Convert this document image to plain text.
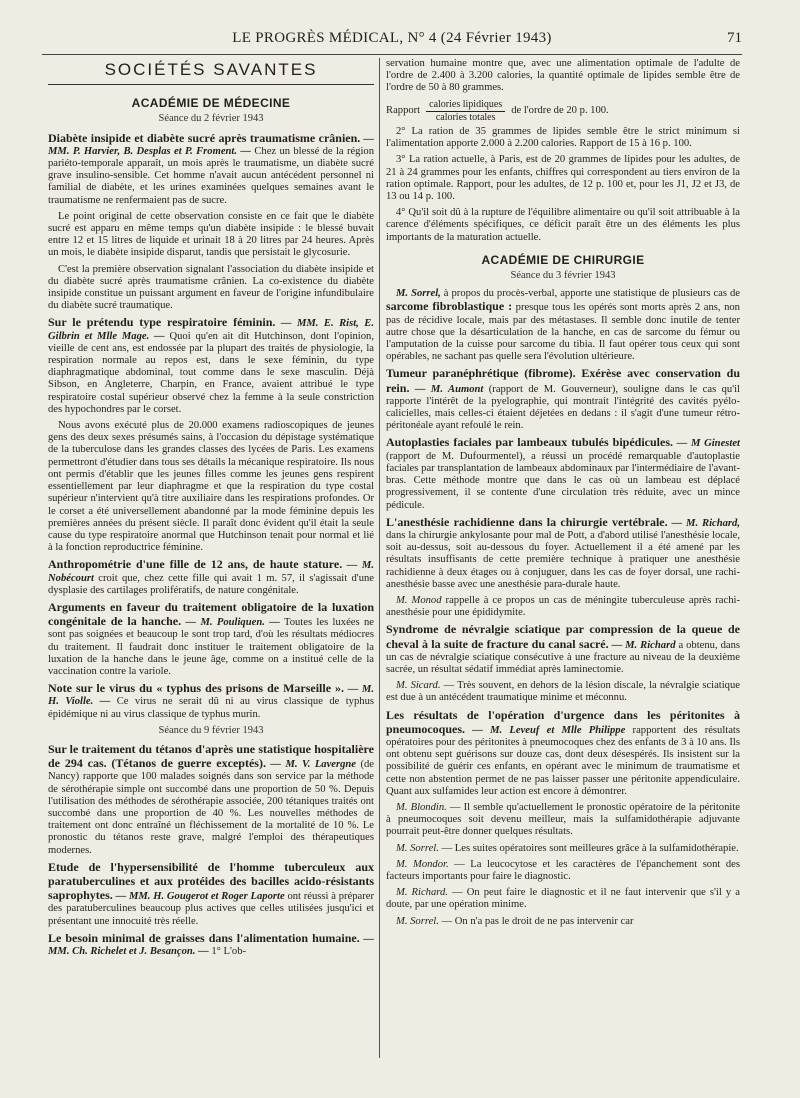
LE PROGRÈS MÉDICAL, N° 4 (24 Février 1943)	71
SOCIÉTÉS SAVANTES
ACADÉMIE DE MÉDECINE
Séance du 2 février 1943

Diabète insipide et diabète sucré après traumatisme crânien. — MM. P. Harvier, B. Desplas et P. Froment. — Chez un blessé de la région pariéto-temporale apparaît, un mois après le traumatisme, un diabète sucré grave insulino-sensible. Cet homme n'avait aucun antécédent personnel ni familial de diabète, et les urines examinées quelques semaines avant le traumatisme ne renfermaient pas de sucre.

Le point original de cette observation consiste en ce fait que le diabète sucré est apparu en même temps qu'un diabète insipide : le blessé buvait entre 12 et 15 litres de liquide et urinait 18 à 20 litres par 24 heures. Après un mois, le diabète insipide disparut, tandis que persistait le glycosurie.

C'est la première observation signalant l'association du diabète insipide et du diabète sucré après traumatisme crânien. La co-existence du diabète insipide constitue un puissant argument en faveur de l'origine infundibulaire du diabète sucré traumatique.

Sur le prétendu type respiratoire féminin. — MM. E. Rist, E. Gilbrin et Mlle Mage. — Quoi qu'en ait dit Hutchinson, dont l'opinion, vieille de cent ans, est endossée par la plupart des traités de physiologie, la respiration normale au repos est, dans le sexe féminin, du type diaphragmatique abdominal, tout comme dans le sexe masculin. Déjà Sibson, en Angleterre, Charpin, en France, avaient attribué le type respiratoire costal supérieur observé chez la femme à la seule constriction des hypochondres par le corset.

Nous avons exécuté plus de 20.000 examens radioscopiques de jeunes gens des deux sexes présumés sains, à l'occasion du dépistage systématique de la tuberculose dans les grandes classes des lycées de Paris. Les examens permettront d'étudier dans tous ses détails la mécanique respiratoire. Ils nous ont permis d'établir que les jeunes filles comme les jeunes gens respirent essentiellement par leur diaphragme et que la respiration du type costal supérieur n'intervient qu'à titre auxiliaire dans les respirations profondes. Or le corset a été universellement abandonné par la mode féminine depuis les premières années du présent siècle. Il paraît donc évident qu'il était la seule cause du type respiratoire anormal que Hutchinson tenait pour normal et lié à la fonction reproductrice féminine.

Anthropométrie d'une fille de 12 ans, de haute stature. — M. Nobécourt croit que, chez cette fille qui avait 1 m. 57, il s'agissait d'une dysplasie des cartilages prolifératifs, de nature congénitale.

Arguments en faveur du traitement obligatoire de la luxation congénitale de la hanche. — M. Pouliquen. — Toutes les luxées ne sont pas soignées et beaucoup le sont trop tard, d'où les résultats médiocres du traitement. Il faudrait donc instituer le traitement obligatoire de la luxation de la hanche dans le jeune âge, comme on a institué celle de la vaccination contre la variole.

Note sur le virus du « typhus des prisons de Marseille ». — M. H. Violle. — Ce virus ne serait dû ni au virus classique de typhus épidémique ni au virus classique de typhus murin.

Séance du 9 février 1943

Sur le traitement du tétanos d'après une statistique hospitalière de 294 cas. (Tétanos de guerre exceptés). — M. V. Lavergne (de Nancy) rapporte que 100 malades soignés dans son service par la méthode de sérothérapie simple ont succombé dans une proportion de 50 %. Depuis l'utilisation des méthodes de sérothérapie associée, 200 tétaniques traités ont succombé dans une proportion de 40 %. Les nouvelles méthodes de traitement ont donc entraîné un fléchissement de la mortalité de 10 %. Le pronostic du tétanos reste grave, malgré l'emploi des thérapeutiques modernes.

Etude de l'hypersensibilité de l'homme tuberculeux aux paratuberculines et aux protéides des bacilles acido-résistants saprophytes. — MM. H. Gougerot et Roger Laporte ont réussi à préparer des paratuberculines beaucoup plus actives que celles utilisées jusqu'ici et présentant une innocuité très réelle.

Le besoin minimal de graisses dans l'alimentation humaine. — MM. Ch. Richelet et J. Besançon. — 1° L'ob-

servation humaine montre que, avec une alimentation optimale de l'adulte de l'ordre de 2.400 à 3.200 calories, la quantité optimale de lipides semble être de l'ordre de 50 à 80 grammes.

Rapport $\frac{\text{calories lipidiques}}{\text{calories totales}}$ de l'ordre de 20 p. 100.

2° La ration de 35 grammes de lipides semble être le strict minimum si l'alimentation apporte 2.000 à 2.200 calories. Rapport de 15 à 16 p. 100.

3° La ration actuelle, à Paris, est de 20 grammes de lipides pour les adultes, de 21 à 24 grammes pour les enfants, chiffres qui correspondent au tiers environ de la ration optimale. Rapport, pour les adultes, de 12 p. 100 et, pour les J1, J2 et J3, de 13 ou 14 p. 100.

4° Qu'il soit dû à la rupture de l'équilibre alimentaire ou qu'il soit attribuable à la carence d'éléments spécifiques, ce déficit paraît être un des éléments les plus importants de la maturation actuelle.

ACADÉMIE DE CHIRURGIE
Séance du 3 février 1943

M. Sorrel, à propos du procès-verbal, apporte une statistique de plusieurs cas de sarcome fibroblastique : presque tous les opérés sont morts après 2 ans, non pas de récidive locale, mais par des métastases. Il semble donc inutile de tenter autre chose que la désarticulation de la hanche, en cas de sarcome du fémur ou l'amputation de la cuisse pour sarcome du tibia. Il faut opérer tous ceux qui sont opérables, ne sachant pas quelle sera l'évolution ultérieure.

Tumeur paranéphrétique (fibrome). Exérèse avec conservation du rein. — M. Aumont (rapport de M. Gouverneur), souligne dans le cas qu'il rapporte l'intérêt de la pyelographie, qui montrait l'intégrité des cavités pyélo-calicielles, mais celles-ci étaient déjetées en dedans : il s'agit d'une tumeur rétro-péritonéale ayant refoulé le rein.

Autoplasties faciales par lambeaux tubulés bipédicules. — M Ginestet (rapport de M. Dufourmentel), a réussi un procédé remarquable d'autoplastie faciales par transplantation de lambeaux abdominaux par l'intermédiaire de l'avant-bras. Cette méthode montre que dans le cas où un lambeau est déplacé progressivement, il se contente d'une circulation très réduite, avec un mince pédicule.

L'anesthésie rachidienne dans la chirurgie vertébrale. — M. Richard, dans la chirurgie ankylosante pour mal de Pott, a d'abord utilisé l'anesthésie locale, soit au-dessus, soit au-dessous du foyer. Actuellement il a été amené par les résultats insuffisants de cette première technique à pratiquer une anesthésie rachidienne à deux étages ou à conjuguer, dans les cas de foyer dorsal, une rachi-anesthésie basse avec une anesthésie para-durale haute.

M. Monod rappelle à ce propos un cas de méningite tuberculeuse après rachi-anesthésie pour une épididymite.

Syndrome de névralgie sciatique par compression de la queue de cheval à la suite de fracture du canal sacré. — M. Richard a obtenu, dans un cas de névralgie sciatique consécutive à une fracture au niveau de la deuxième sacrée, un résultat sédatif immédiat après laminectomie.

M. Sicard. — Très souvent, en dehors de la lésion discale, la névralgie sciatique est due à un antécédent traumatique minime et méconnu.

Les résultats de l'opération d'urgence dans les péritonites à pneumocoques. — M. Leveuf et Mlle Philippe rapportent des résultats opératoires pour des péritonites à pneumocoques chez des enfants de 3 à 10 ans. Ils ont obtenu sept guérisons sur douze cas, dont deux désespérés. Ils insistent sur la possibilité de guérir ces enfants, en opérant avec le minimum de traumatisme et cette non abstention permet de ne pas laisser passer une péritonite appendiculaire. Quant aux sulfamides leur action est encore à démontrer.

M. Blondin. — Il semble qu'actuellement le pronostic opératoire de la péritonite à pneumocoques soit devenu meilleur, mais la sulfamidothérapie adjuvante pourrait peut-être donner quelques résultats.

M. Sorrel. — Les suites opératoires sont meilleures grâce à la sulfamidothérapie.

M. Mondor. — La leucocytose et les caractères de l'épanchement sont des facteurs importants pour faire le diagnostic.

M. Richard. — On peut faire le diagnostic et il ne faut intervenir que s'il y a doute, par une opération minime.

M. Sorrel. — On n'a pas le droit de ne pas intervenir car
